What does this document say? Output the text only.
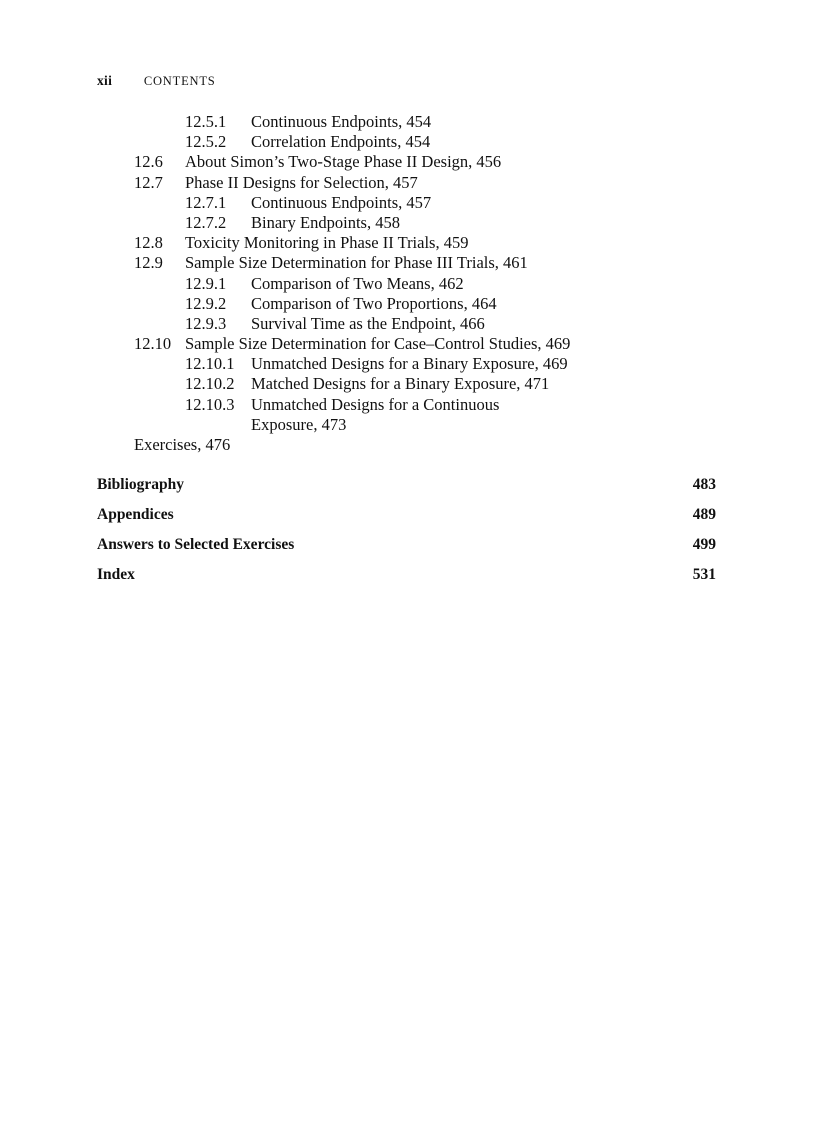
xii	CONTENTS
12.5.1 Continuous Endpoints, 454
12.5.2 Correlation Endpoints, 454
12.6 About Simon’s Two-Stage Phase II Design, 456
12.7 Phase II Designs for Selection, 457
12.7.1 Continuous Endpoints, 457
12.7.2 Binary Endpoints, 458
12.8 Toxicity Monitoring in Phase II Trials, 459
12.9 Sample Size Determination for Phase III Trials, 461
12.9.1 Comparison of Two Means, 462
12.9.2 Comparison of Two Proportions, 464
12.9.3 Survival Time as the Endpoint, 466
12.10 Sample Size Determination for Case–Control Studies, 469
12.10.1 Unmatched Designs for a Binary Exposure, 469
12.10.2 Matched Designs for a Binary Exposure, 471
12.10.3 Unmatched Designs for a Continuous
Exposure, 473
Exercises, 476
Bibliography	483
Appendices	489
Answers to Selected Exercises	499
Index	531
